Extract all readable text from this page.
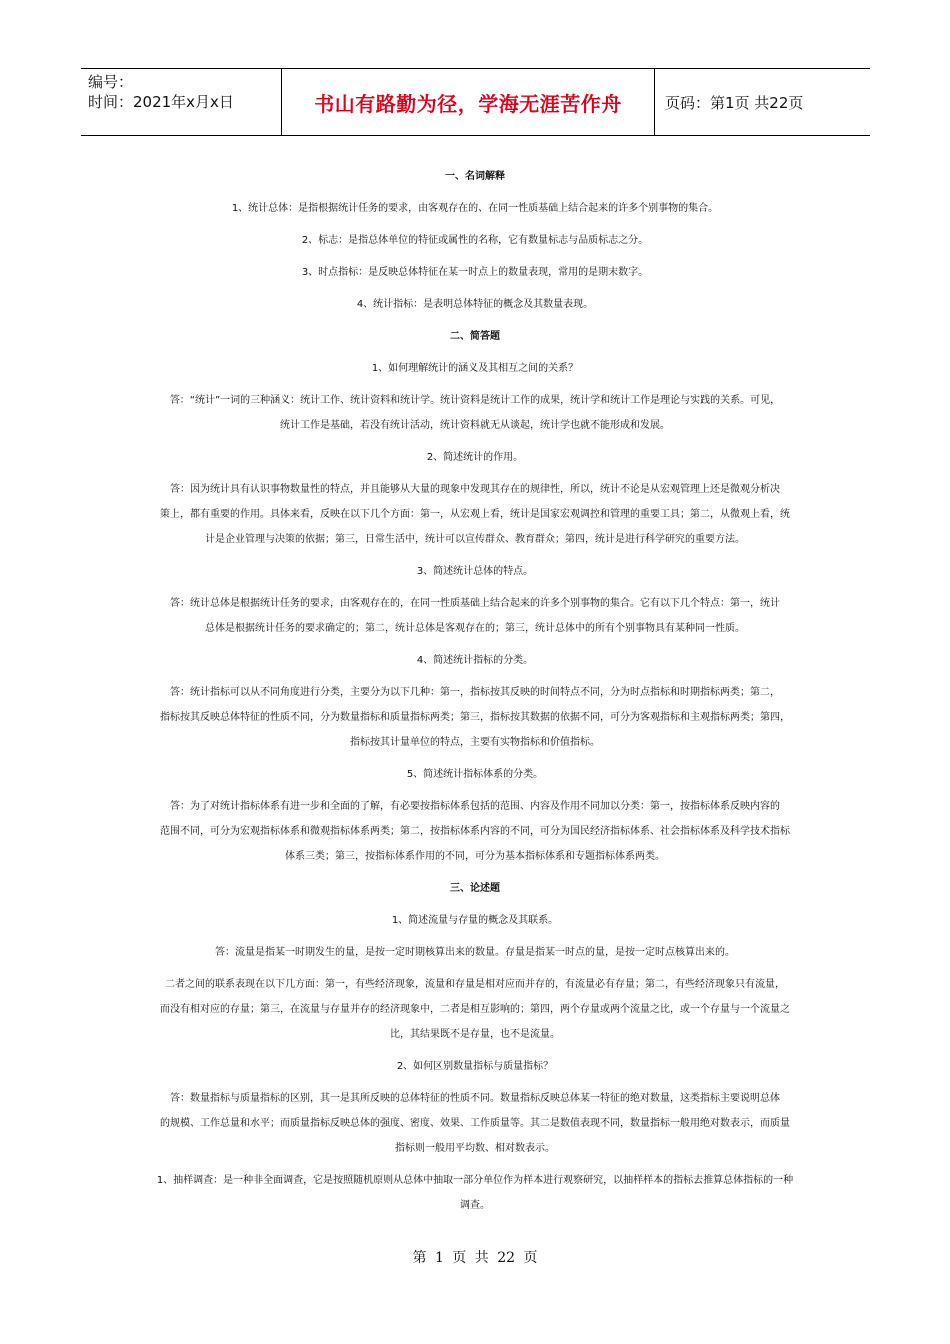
编号：
时间：2021年x月x日	书山有路勤为径，学海无涯苦作舟	页码：第1页 共22页
一、名词解释
1、统计总体：是指根据统计任务的要求，由客观存在的、在同一性质基础上结合起来的许多个别事物的集合。
2、标志：是指总体单位的特征或属性的名称，它有数量标志与品质标志之分。
3、时点指标：是反映总体特征在某一时点上的数量表现，常用的是期末数字。
4、统计指标：是表明总体特征的概念及其数量表现。
二、简答题
1、如何理解统计的涵义及其相互之间的关系？
答：“统计”一词的三种涵义：统计工作、统计资料和统计学。统计资料是统计工作的成果，统计学和统计工作是理论与实践的关系。可见，
统计工作是基础，若没有统计活动，统计资料就无从谈起，统计学也就不能形成和发展。
2、简述统计的作用。
答：因为统计具有认识事物数量性的特点，并且能够从大量的现象中发现其存在的规律性，所以，统计不论是从宏观管理上还是微观分析决
策上，都有重要的作用。具体来看，反映在以下几个方面：第一，从宏观上看，统计是国家宏观调控和管理的重要工具；第二，从微观上看，统
计是企业管理与决策的依据；第三，日常生活中，统计可以宣传群众、教育群众；第四，统计是进行科学研究的重要方法。
3、简述统计总体的特点。
答：统计总体是根据统计任务的要求，由客观存在的，在同一性质基础上结合起来的许多个别事物的集合。它有以下几个特点：第一，统计
总体是根据统计任务的要求确定的；第二，统计总体是客观存在的；第三，统计总体中的所有个别事物具有某种同一性质。
4、简述统计指标的分类。
答：统计指标可以从不同角度进行分类，主要分为以下几种：第一，指标按其反映的时间特点不同，分为时点指标和时期指标两类；第二，
指标按其反映总体特征的性质不同，分为数量指标和质量指标两类；第三，指标按其数据的依据不同，可分为客观指标和主观指标两类；第四，
指标按其计量单位的特点，主要有实物指标和价值指标。
5、简述统计指标体系的分类。
答：为了对统计指标体系有进一步和全面的了解，有必要按指标体系包括的范围、内容及作用不同加以分类：第一，按指标体系反映内容的
范围不同，可分为宏观指标体系和微观指标体系两类；第二，按指标体系内容的不同，可分为国民经济指标体系、社会指标体系及科学技术指标
体系三类；第三，按指标体系作用的不同，可分为基本指标体系和专题指标体系两类。
三、论述题
1、简述流量与存量的概念及其联系。
答：流量是指某一时期发生的量，是按一定时期核算出来的数量。存量是指某一时点的量，是按一定时点核算出来的。
二者之间的联系表现在以下几方面：第一，有些经济现象，流量和存量是相对应而并存的，有流量必有存量；第二，有些经济现象只有流量，
而没有相对应的存量；第三，在流量与存量并存的经济现象中，二者是相互影响的；第四，两个存量或两个流量之比，或一个存量与一个流量之
比，其结果既不是存量，也不是流量。
2、如何区别数量指标与质量指标？
答：数量指标与质量指标的区别，其一是其所反映的总体特征的性质不同。数量指标反映总体某一特征的绝对数量，这类指标主要说明总体
的规模、工作总量和水平；而质量指标反映总体的强度、密度、效果、工作质量等。其二是数值表现不同，数量指标一般用绝对数表示，而质量
指标则一般用平均数、相对数表示。
1、抽样调查：是一种非全面调查，它是按照随机原则从总体中抽取一部分单位作为样本进行观察研究，以抽样样本的指标去推算总体指标的一种
调查。
第 1 页 共 22 页
